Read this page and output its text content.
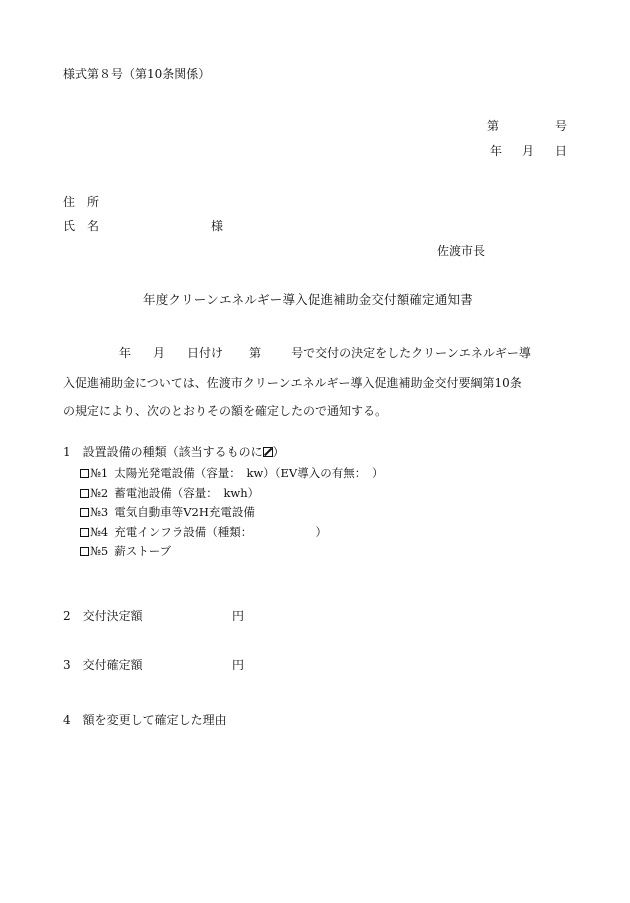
様式第８号（第10条関係）
第	号
年 月 日
住　所
氏　名	様
佐渡市長
年度クリーンエネルギー導入促進補助金交付額確定通知書
年 月 日付け 第	号で交付の決定をしたクリーンエネルギー導
入促進補助金については、佐渡市クリーンエネルギー導入促進補助金交付要綱第10条
の規定により、次のとおりその額を確定したので通知する。
1 設置設備の種類（該当するものに ）
№1 太陽光発電設備（容量：　kw）（EV導入の有無：　）
№2 蓄電池設備（容量：　kwh）
№3 電気自動車等V2H充電設備
№4 充電インフラ設備（種類：　　　　　　）
№5 薪ストーブ
2 交付決定額	円
3 交付確定額	円
4 額を変更して確定した理由
